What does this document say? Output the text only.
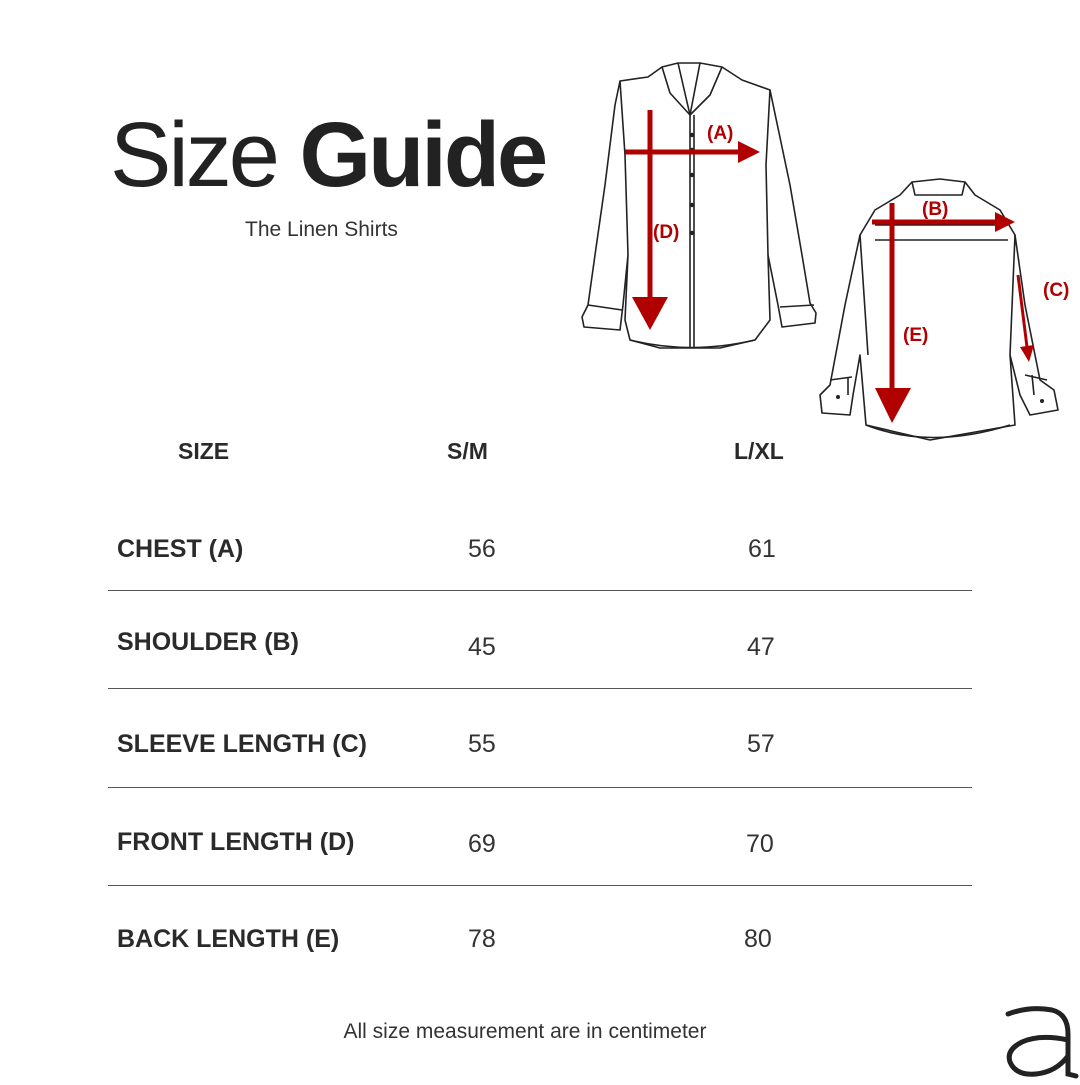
Size Guide
The Linen Shirts
(A)
(D)
(B)
(C)
(E)
SIZE	S/M	L/XL
CHEST (A)	56	61
SHOULDER (B)	45	47
SLEEVE LENGTH (C)	55	57
FRONT LENGTH (D)	69	70
BACK LENGTH (E)	78	80
All size measurement are in centimeter
